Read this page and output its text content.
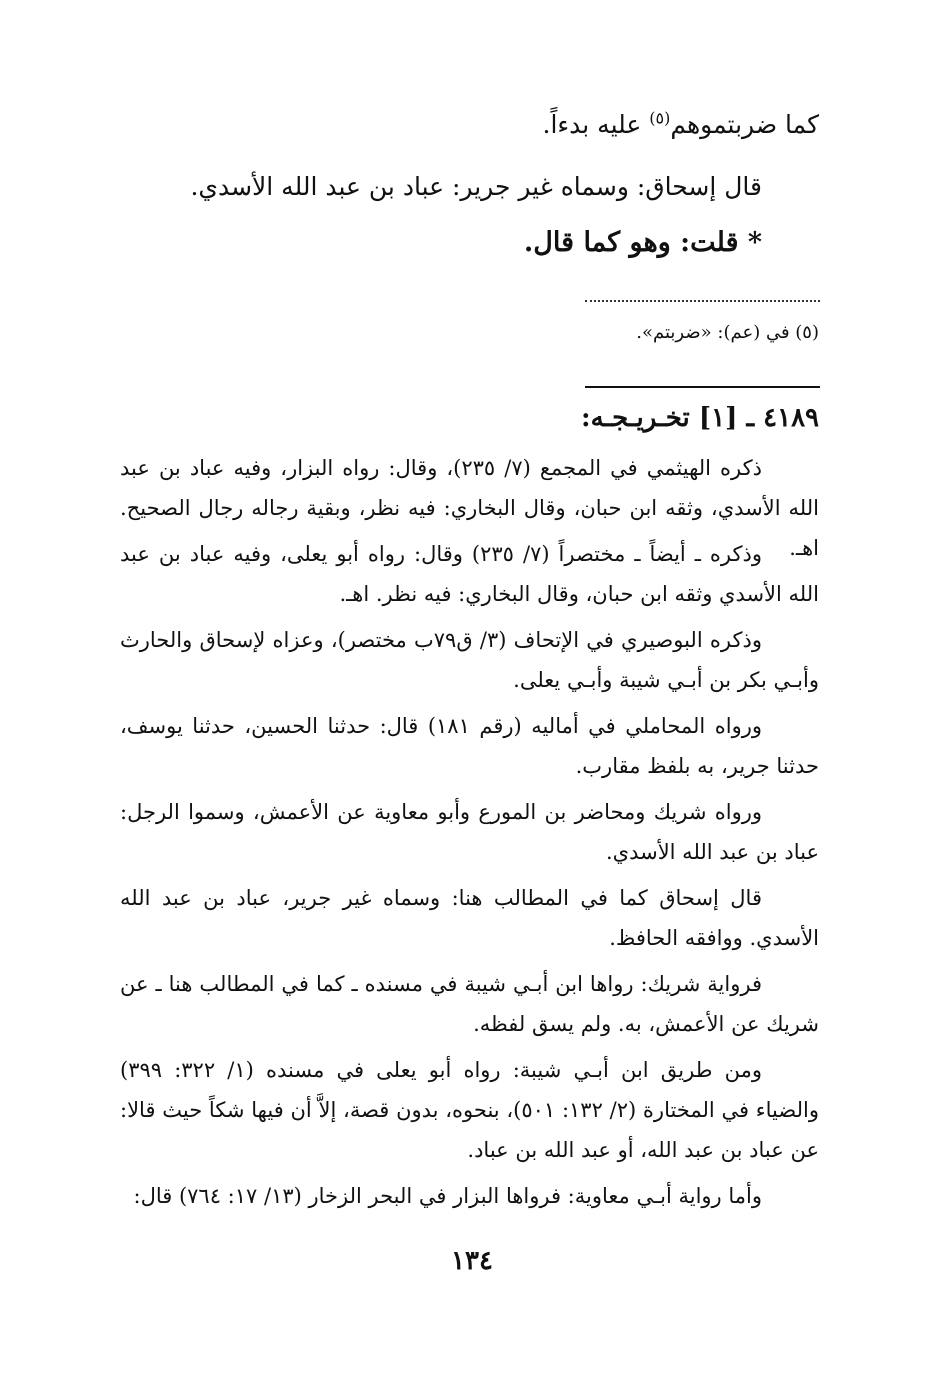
كما ضربتموهم$^{(٥)}$ عليه بدءاً.
قال إسحاق: وسماه غير جرير: عباد بن عبد الله الأسدي.
* قلت: وهو كما قال.
(٥) في (عم): «ضربتم».
٤١٨٩ ـ [١] تخـريـجـه:
ذكره الهيثمي في المجمع (٧/ ٢٣٥)، وقال: رواه البزار، وفيه عباد بن عبد الله الأسدي، وثقه ابن حبان، وقال البخاري: فيه نظر، وبقية رجاله رجال الصحيح. اهـ.
وذكره ـ أيضاً ـ مختصراً (٧/ ٢٣٥) وقال: رواه أبو يعلى، وفيه عباد بن عبد الله الأسدي وثقه ابن حبان، وقال البخاري: فيه نظر. اهـ.
وذكره البوصيري في الإتحاف (٣/ ق٧٩ب مختصر)، وعزاه لإسحاق والحارث وأبـي بكر بن أبـي شيبة وأبـي يعلى.
ورواه المحاملي في أماليه (رقم ١٨١) قال: حدثنا الحسين، حدثنا يوسف، حدثنا جرير، به بلفظ مقارب.
ورواه شريك ومحاضر بن المورع وأبو معاوية عن الأعمش، وسموا الرجل: عباد بن عبد الله الأسدي.
قال إسحاق كما في المطالب هنا: وسماه غير جرير، عباد بن عبد الله الأسدي. ووافقه الحافظ.
فرواية شريك: رواها ابن أبـي شيبة في مسنده ـ كما في المطالب هنا ـ عن شريك عن الأعمش، به. ولم يسق لفظه.
ومن طريق ابن أبـي شيبة: رواه أبو يعلى في مسنده (١/ ٣٢٢: ٣٩٩) والضياء في المختارة (٢/ ١٣٢: ٥٠١)، بنحوه، بدون قصة، إلاَّ أن فيها شكاً حيث قالا: عن عباد بن عبد الله، أو عبد الله بن عباد.
وأما رواية أبـي معاوية: فرواها البزار في البحر الزخار (١٣/ ١٧: ٧٦٤) قال:
١٣٤
